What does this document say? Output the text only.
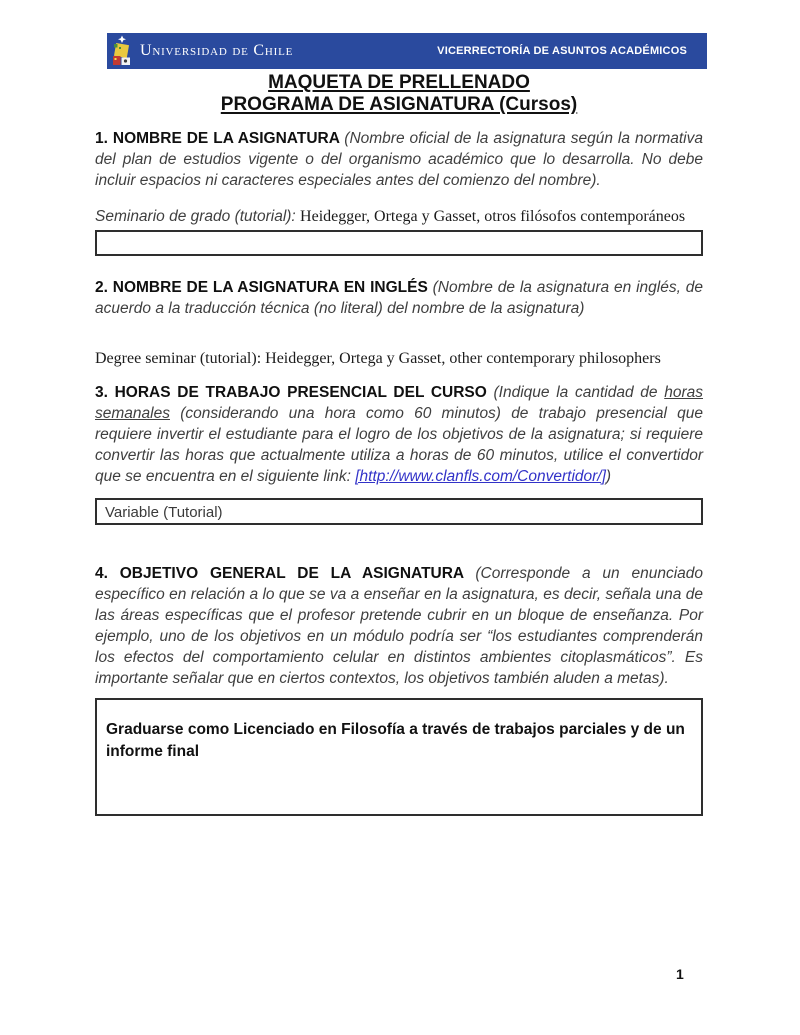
Universidad de Chile	VICERRECTORÍA DE ASUNTOS ACADÉMICOS
MAQUETA DE PRELLENADO
PROGRAMA DE ASIGNATURA (Cursos)

1. NOMBRE DE LA ASIGNATURA (Nombre oficial de la asignatura según la normativa del plan de estudios vigente o del organismo académico que lo desarrolla. No debe incluir espacios ni caracteres especiales antes del comienzo del nombre).

Seminario de grado (tutorial): Heidegger, Ortega y Gasset, otros filósofos contemporáneos

2. NOMBRE DE LA ASIGNATURA EN INGLÉS (Nombre de la asignatura en inglés, de acuerdo a la traducción técnica (no literal) del nombre de la asignatura)

Degree seminar (tutorial): Heidegger, Ortega y Gasset, other contemporary philosophers

3. HORAS DE TRABAJO PRESENCIAL DEL CURSO (Indique la cantidad de horas semanales (considerando una hora como 60 minutos) de trabajo presencial que requiere invertir el estudiante para el logro de los objetivos de la asignatura; si requiere convertir las horas que actualmente utiliza a horas de 60 minutos, utilice el convertidor que se encuentra en el siguiente link: [http://www.clanfls.com/Convertidor/])

Variable (Tutorial)

4. OBJETIVO GENERAL DE LA ASIGNATURA (Corresponde a un enunciado específico en relación a lo que se va a enseñar en la asignatura, es decir, señala una de las áreas específicas que el profesor pretende cubrir en un bloque de enseñanza. Por ejemplo, uno de los objetivos en un módulo podría ser “los estudiantes comprenderán los efectos del comportamiento celular en distintos ambientes citoplasmáticos”. Es importante señalar que en ciertos contextos, los objetivos también aluden a metas).

Graduarse como Licenciado en Filosofía a través de trabajos parciales y de un informe final

1
